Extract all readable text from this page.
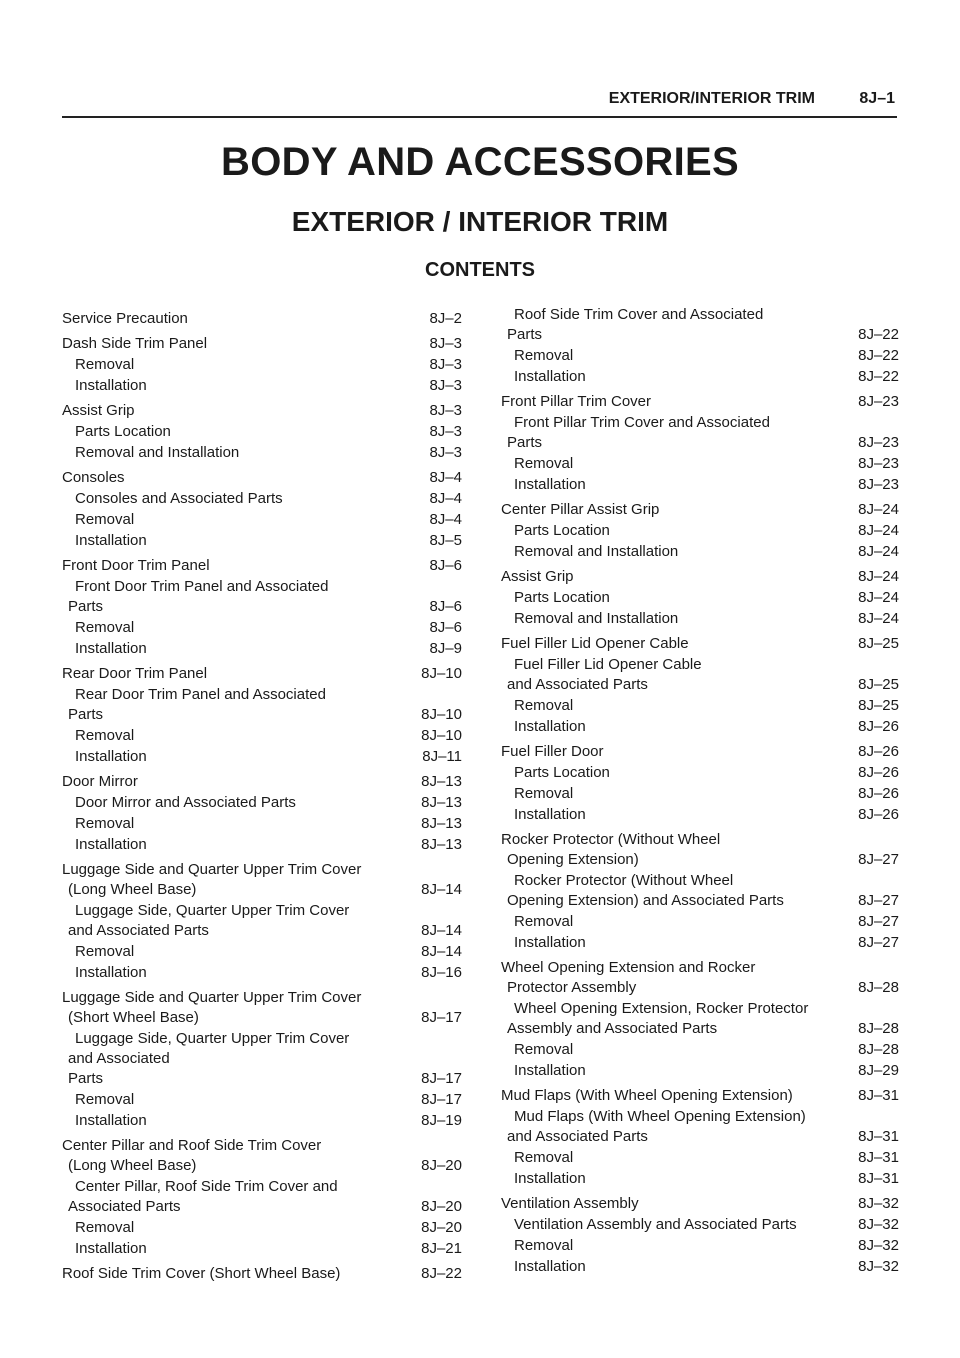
EXTERIOR/INTERIOR TRIM	8J–1
BODY AND ACCESSORIES
EXTERIOR / INTERIOR TRIM
CONTENTS
Service Precaution	8J–2
Dash Side Trim Panel	8J–3
Removal	8J–3
Installation	8J–3
Assist Grip	8J–3
Parts Location	8J–3
Removal and Installation	8J–3
Consoles	8J–4
Consoles and Associated Parts	8J–4
Removal	8J–4
Installation	8J–5
Front Door Trim Panel	8J–6
Front Door Trim Panel and Associated
Parts	8J–6
Removal	8J–6
Installation	8J–9
Rear Door Trim Panel	8J–10
Rear Door Trim Panel and Associated
Parts	8J–10
Removal	8J–10
Installation	8J–11
Door Mirror	8J–13
Door Mirror and Associated Parts	8J–13
Removal	8J–13
Installation	8J–13
Luggage Side and Quarter Upper Trim Cover
(Long Wheel Base)	8J–14
Luggage Side, Quarter Upper Trim Cover
and Associated Parts	8J–14
Removal	8J–14
Installation	8J–16
Luggage Side and Quarter Upper Trim Cover
(Short Wheel Base)	8J–17
Luggage Side, Quarter Upper Trim Cover
and Associated
Parts	8J–17
Removal	8J–17
Installation	8J–19
Center Pillar and Roof Side Trim Cover
(Long Wheel Base)	8J–20
Center Pillar, Roof Side Trim Cover and
Associated Parts	8J–20
Removal	8J–20
Installation	8J–21
Roof Side Trim Cover (Short Wheel Base)	8J–22
Roof Side Trim Cover and Associated
Parts	8J–22
Removal	8J–22
Installation	8J–22
Front Pillar Trim Cover	8J–23
Front Pillar Trim Cover and Associated
Parts	8J–23
Removal	8J–23
Installation	8J–23
Center Pillar Assist Grip	8J–24
Parts Location	8J–24
Removal and Installation	8J–24
Assist Grip	8J–24
Parts Location	8J–24
Removal and Installation	8J–24
Fuel Filler Lid Opener Cable	8J–25
Fuel Filler Lid Opener Cable
and Associated Parts	8J–25
Removal	8J–25
Installation	8J–26
Fuel Filler Door	8J–26
Parts Location	8J–26
Removal	8J–26
Installation	8J–26
Rocker Protector (Without Wheel
Opening Extension)	8J–27
Rocker Protector (Without Wheel
Opening Extension) and Associated Parts	8J–27
Removal	8J–27
Installation	8J–27
Wheel Opening Extension and Rocker
Protector Assembly	8J–28
Wheel Opening Extension, Rocker Protector
Assembly and Associated Parts	8J–28
Removal	8J–28
Installation	8J–29
Mud Flaps (With Wheel Opening Extension)	8J–31
Mud Flaps (With Wheel Opening Extension)
and Associated Parts	8J–31
Removal	8J–31
Installation	8J–31
Ventilation Assembly	8J–32
Ventilation Assembly and Associated Parts	8J–32
Removal	8J–32
Installation	8J–32
